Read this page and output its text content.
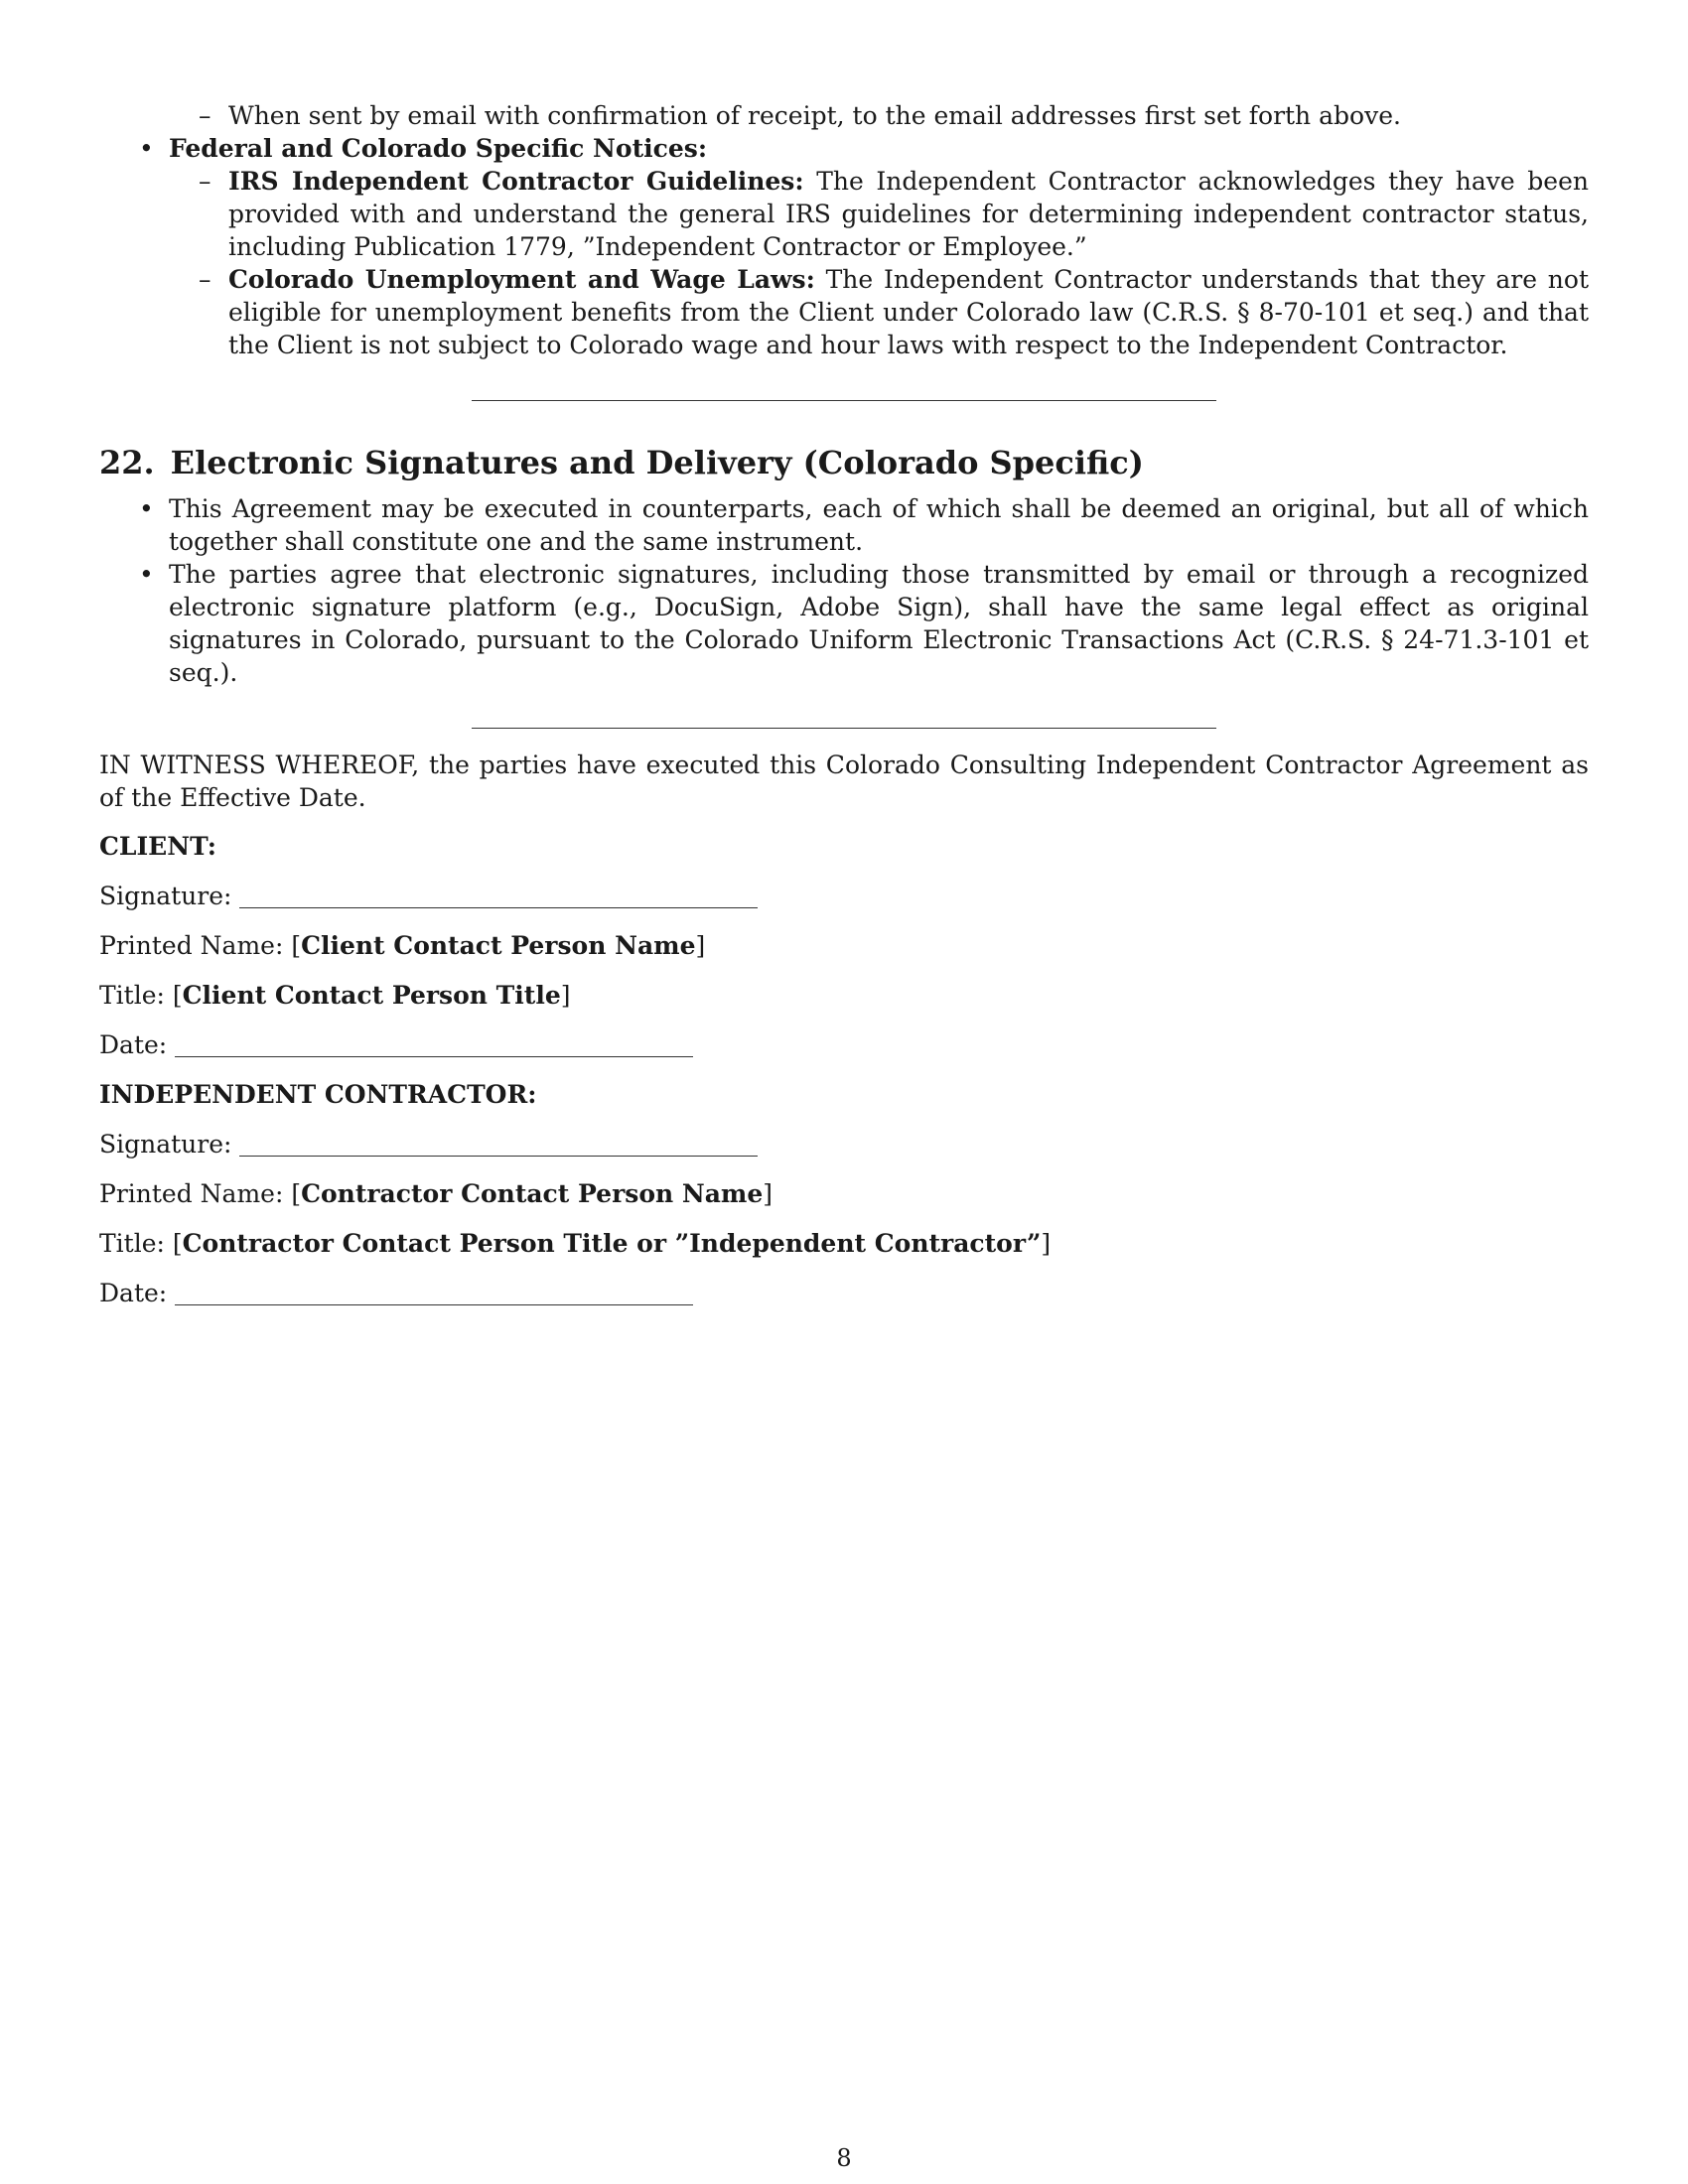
– When sent by email with confirmation of receipt, to the email addresses first set forth above.
• Federal and Colorado Specific Notices:
– IRS Independent Contractor Guidelines: The Independent Contractor acknowledges they have been provided with and understand the general IRS guidelines for determining independent contractor status, including Publication 1779, ”Independent Contractor or Employee.”
– Colorado Unemployment and Wage Laws: The Independent Contractor understands that they are not eligible for unemployment benefits from the Client under Colorado law (C.R.S. § 8-70-101 et seq.) and that the Client is not subject to Colorado wage and hour laws with respect to the Independent Contractor.
22. Electronic Signatures and Delivery (Colorado Specific)
• This Agreement may be executed in counterparts, each of which shall be deemed an original, but all of which together shall constitute one and the same instrument.
• The parties agree that electronic signatures, including those transmitted by email or through a recognized electronic signature platform (e.g., DocuSign, Adobe Sign), shall have the same legal effect as original signatures in Colorado, pursuant to the Colorado Uniform Electronic Transactions Act (C.R.S. § 24-71.3-101 et seq.).

IN WITNESS WHEREOF, the parties have executed this Colorado Consulting Independent Contractor Agreement as of the Effective Date.

CLIENT:

Signature:

Printed Name: [Client Contact Person Name]

Title: [Client Contact Person Title]

Date:

INDEPENDENT CONTRACTOR:

Signature:

Printed Name: [Contractor Contact Person Name]

Title: [Contractor Contact Person Title or ”Independent Contractor”]

Date:

8
